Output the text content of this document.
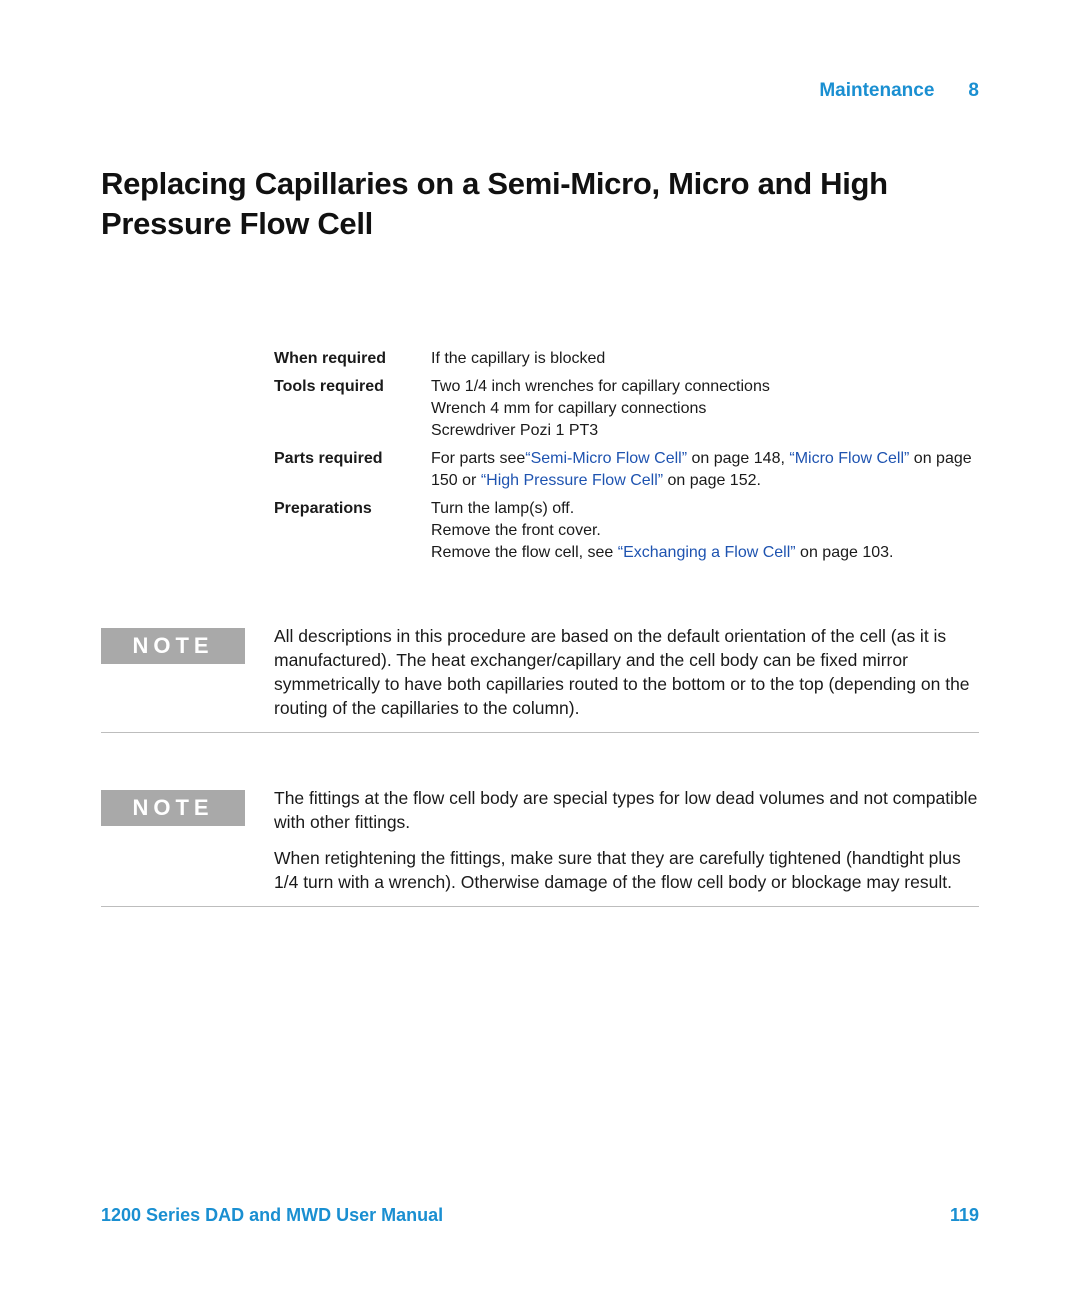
Maintenance 8
Replacing Capillaries on a Semi-Micro, Micro and High Pressure Flow Cell
When required	If the capillary is blocked
Tools required	Two 1/4 inch wrenches for capillary connections
Wrench 4 mm for capillary connections
Screwdriver Pozi 1 PT3
Parts required	For parts see“Semi-Micro Flow Cell” on page 148, “Micro Flow Cell” on page 150 or “High Pressure Flow Cell” on page 152.
Preparations	Turn the lamp(s) off.
Remove the front cover.
Remove the flow cell, see “Exchanging a Flow Cell” on page 103.
NOTE	All descriptions in this procedure are based on the default orientation of the cell (as it is manufactured). The heat exchanger/capillary and the cell body can be fixed mirror symmetrically to have both capillaries routed to the bottom or to the top (depending on the routing of the capillaries to the column).

NOTE	The fittings at the flow cell body are special types for low dead volumes and not compatible with other fittings.

When retightening the fittings, make sure that they are carefully tightened (handtight plus 1/4 turn with a wrench). Otherwise damage of the flow cell body or blockage may result.

1200 Series DAD and MWD User Manual	119
